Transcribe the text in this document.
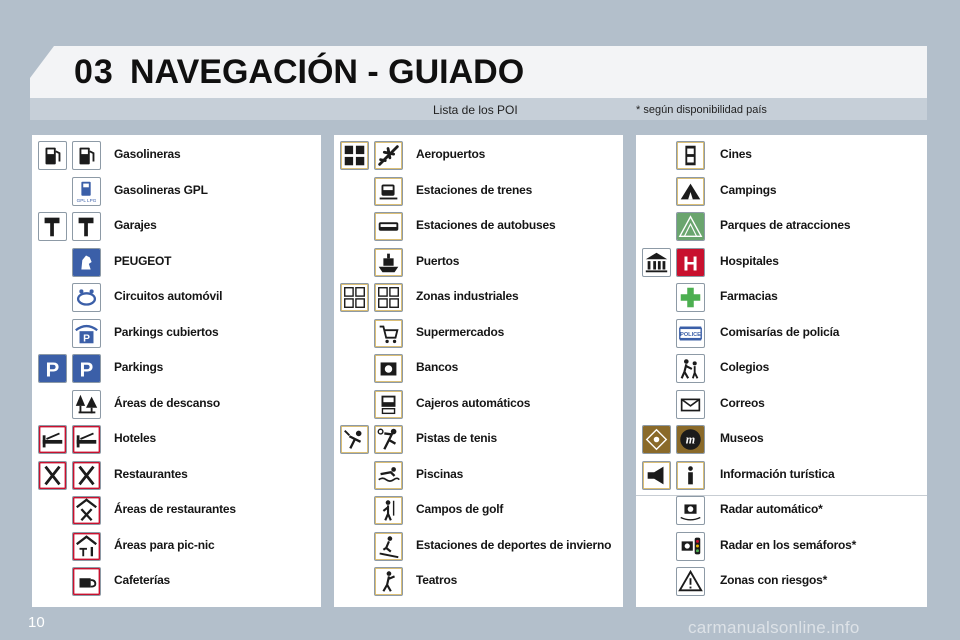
03 NAVEGACIÓN - GUIADO
Lista de los POI	* según disponibilidad país
Gasolineras
GPL LPG
Gasolineras GPL
Garajes
PEUGEOT
Circuitos automóvil
P Parkings cubiertos
P P Parkings
Áreas de descanso
Hoteles
Restaurantes
Áreas de restaurantes
Áreas para pic-nic
Cafeterías
Aeropuertos
Estaciones de trenes
Estaciones de autobuses
Puertos
Zonas industriales
Supermercados
Bancos
Cajeros automáticos
Pistas de tenis
Piscinas
Campos de golf
Estaciones de deportes de invierno
Teatros
Cines
Campings
Parques de atracciones
H Hospitales
Farmacias
POLICE Comisarías de policía
Colegios
Correos
m Museos
Información turística
Radar automático*
Radar en los semáforos*
Zonas con riesgos*
10	carmanualsonline.info
